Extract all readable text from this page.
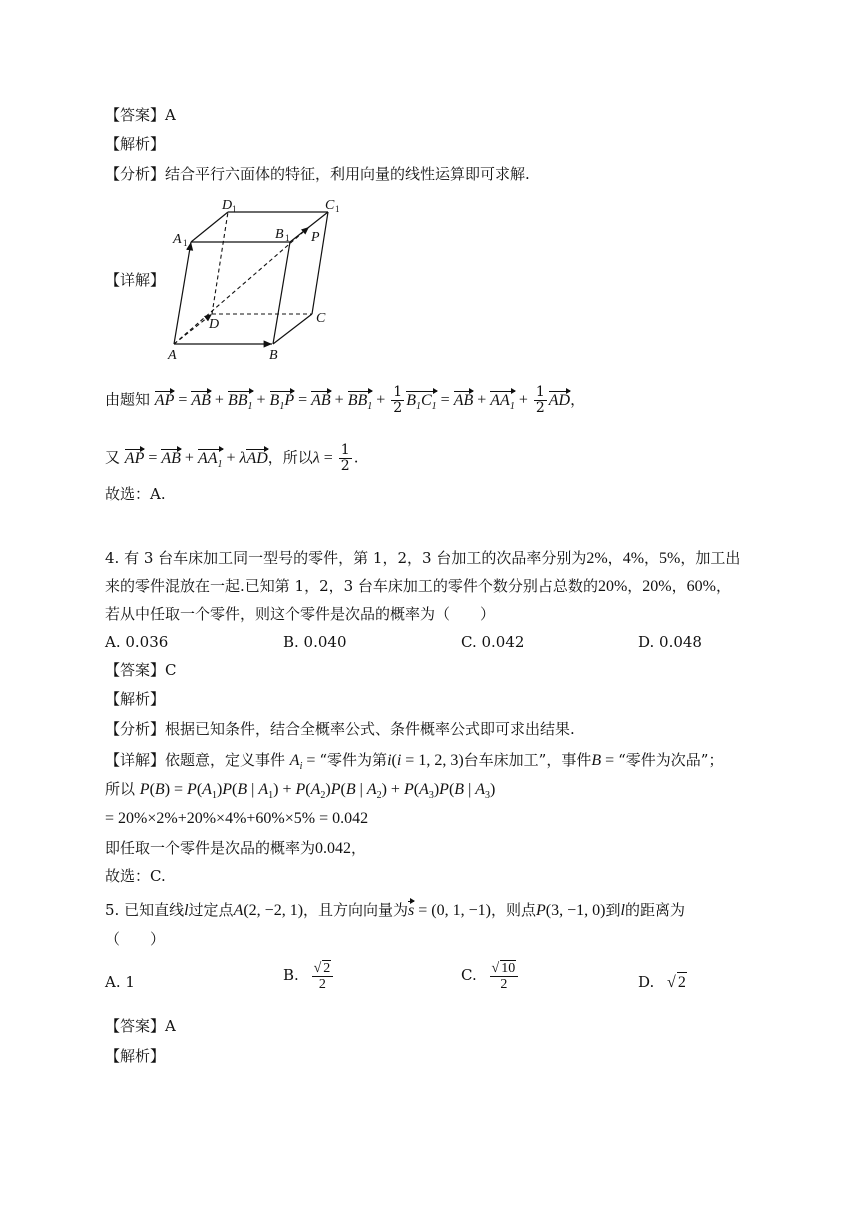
【答案】A
【解析】
【分析】结合平行六面体的特征，利用向量的线性运算即可求解.
【详解】
A	B
C
D
A	B
C
D
P
1	1
1
1
由题知 AP = AB + $BB_1 + B_1P$ = AB + $BB_1 + \frac{1}{2} B_1C_1$ = AB + $AA_1 + \frac{1}{2}$ AD，
又 AP = AB + $AA_1 + \lambda AD$，所以$\lambda = \frac{1}{2}$ .
故选：A.
4. 有 3 台车床加工同一型号的零件，第 1，2，3 台加工的次品率分别为2%，4%，5%，加工出
来的零件混放在一起.已知第 1，2，3 台车床加工的零件个数分别占总数的20%，20%，60%，
若从中任取一个零件，则这个零件是次品的概率为（　　）
A. 0.036	B. 0.040	C. 0.042	D. 0.048
【答案】C
【解析】
【分析】根据已知条件，结合全概率公式、条件概率公式即可求出结果.
【详解】依题意，定义事件 $A_i$ = “零件为第i(i = 1, 2, 3)台车床加工”，事件B = “零件为次品”；
所以 $P(B) = P(A_1)P(B$ | $A_1) + P(A_2)P(B$ | $A_2) + P(A_3)P(B$ | $A_3$)
= 20%×2%+20%×4%+60%×5% = 0.042
即任取一个零件是次品的概率为0.042，
故选：C.
5. 已知直线l过定点A(2, −2, 1)，且方向向量为s = (0, 1, −1)，则点P(3, −1, 0)到l的距离为
（　　）
A. 1	B. $\frac{√ 2}{2}$	C. $\frac{√ 10}{2}$	D. √ 2
【答案】A
【解析】
